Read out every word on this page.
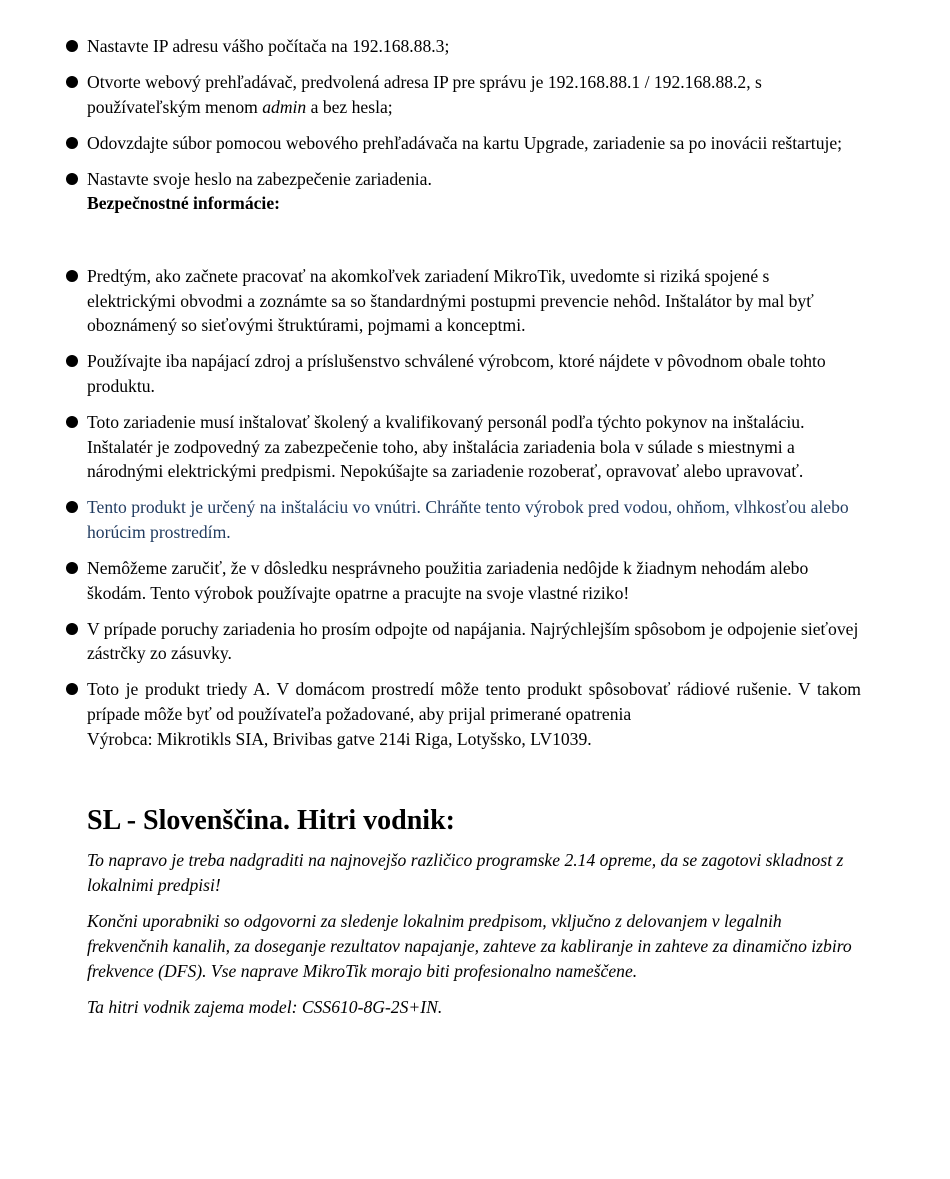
Nastavte IP adresu vášho počítača na 192.168.88.3;
Otvorte webový prehľadávač, predvolená adresa IP pre správu je 192.168.88.1 / 192.168.88.2, s používateľským menom admin a bez hesla;
Odovzdajte súbor pomocou webového prehľadávača na kartu Upgrade, zariadenie sa po inovácii reštartuje;
Nastavte svoje heslo na zabezpečenie zariadenia.
Bezpečnostné informácie:
Predtým, ako začnete pracovať na akomkoľvek zariadení MikroTik, uvedomte si riziká spojené s elektrickými obvodmi a zoznámte sa so štandardnými postupmi prevencie nehôd. Inštalátor by mal byť oboznámený so sieťovými štruktúrami, pojmami a konceptmi.
Používajte iba napájací zdroj a príslušenstvo schválené výrobcom, ktoré nájdete v pôvodnom obale tohto produktu.
Toto zariadenie musí inštalovať školený a kvalifikovaný personál podľa týchto pokynov na inštaláciu. Inštalatér je zodpovedný za zabezpečenie toho, aby inštalácia zariadenia bola v súlade s miestnymi a národnými elektrickými predpismi. Nepokúšajte sa zariadenie rozoberať, opravovať alebo upravovať.
Tento produkt je určený na inštaláciu vo vnútri. Chráňte tento výrobok pred vodou, ohňom, vlhkosťou alebo horúcim prostredím.
Nemôžeme zaručiť, že v dôsledku nesprávneho použitia zariadenia nedôjde k žiadnym nehodám alebo škodám. Tento výrobok používajte opatrne a pracujte na svoje vlastné riziko!
V prípade poruchy zariadenia ho prosím odpojte od napájania. Najrýchlejším spôsobom je odpojenie sieťovej zástrčky zo zásuvky.
Toto je produkt triedy A. V domácom prostredí môže tento produkt spôsobovať rádiové rušenie. V takom prípade môže byť od používateľa požadované, aby prijal primerané opatrenia
Výrobca: Mikrotikls SIA, Brivibas gatve 214i Riga, Lotyšsko, LV1039.
SL - Slovenščina. Hitri vodnik:

To napravo je treba nadgraditi na najnovejšo različico programske 2.14 opreme, da se zagotovi skladnost z lokalnimi predpisi!

Končni uporabniki so odgovorni za sledenje lokalnim predpisom, vključno z delovanjem v legalnih frekvenčnih kanalih, za doseganje rezultatov napajanje, zahteve za kabliranje in zahteve za dinamično izbiro frekvence (DFS). Vse naprave MikroTik morajo biti profesionalno nameščene.

Ta hitri vodnik zajema model: CSS610-8G-2S+IN.
